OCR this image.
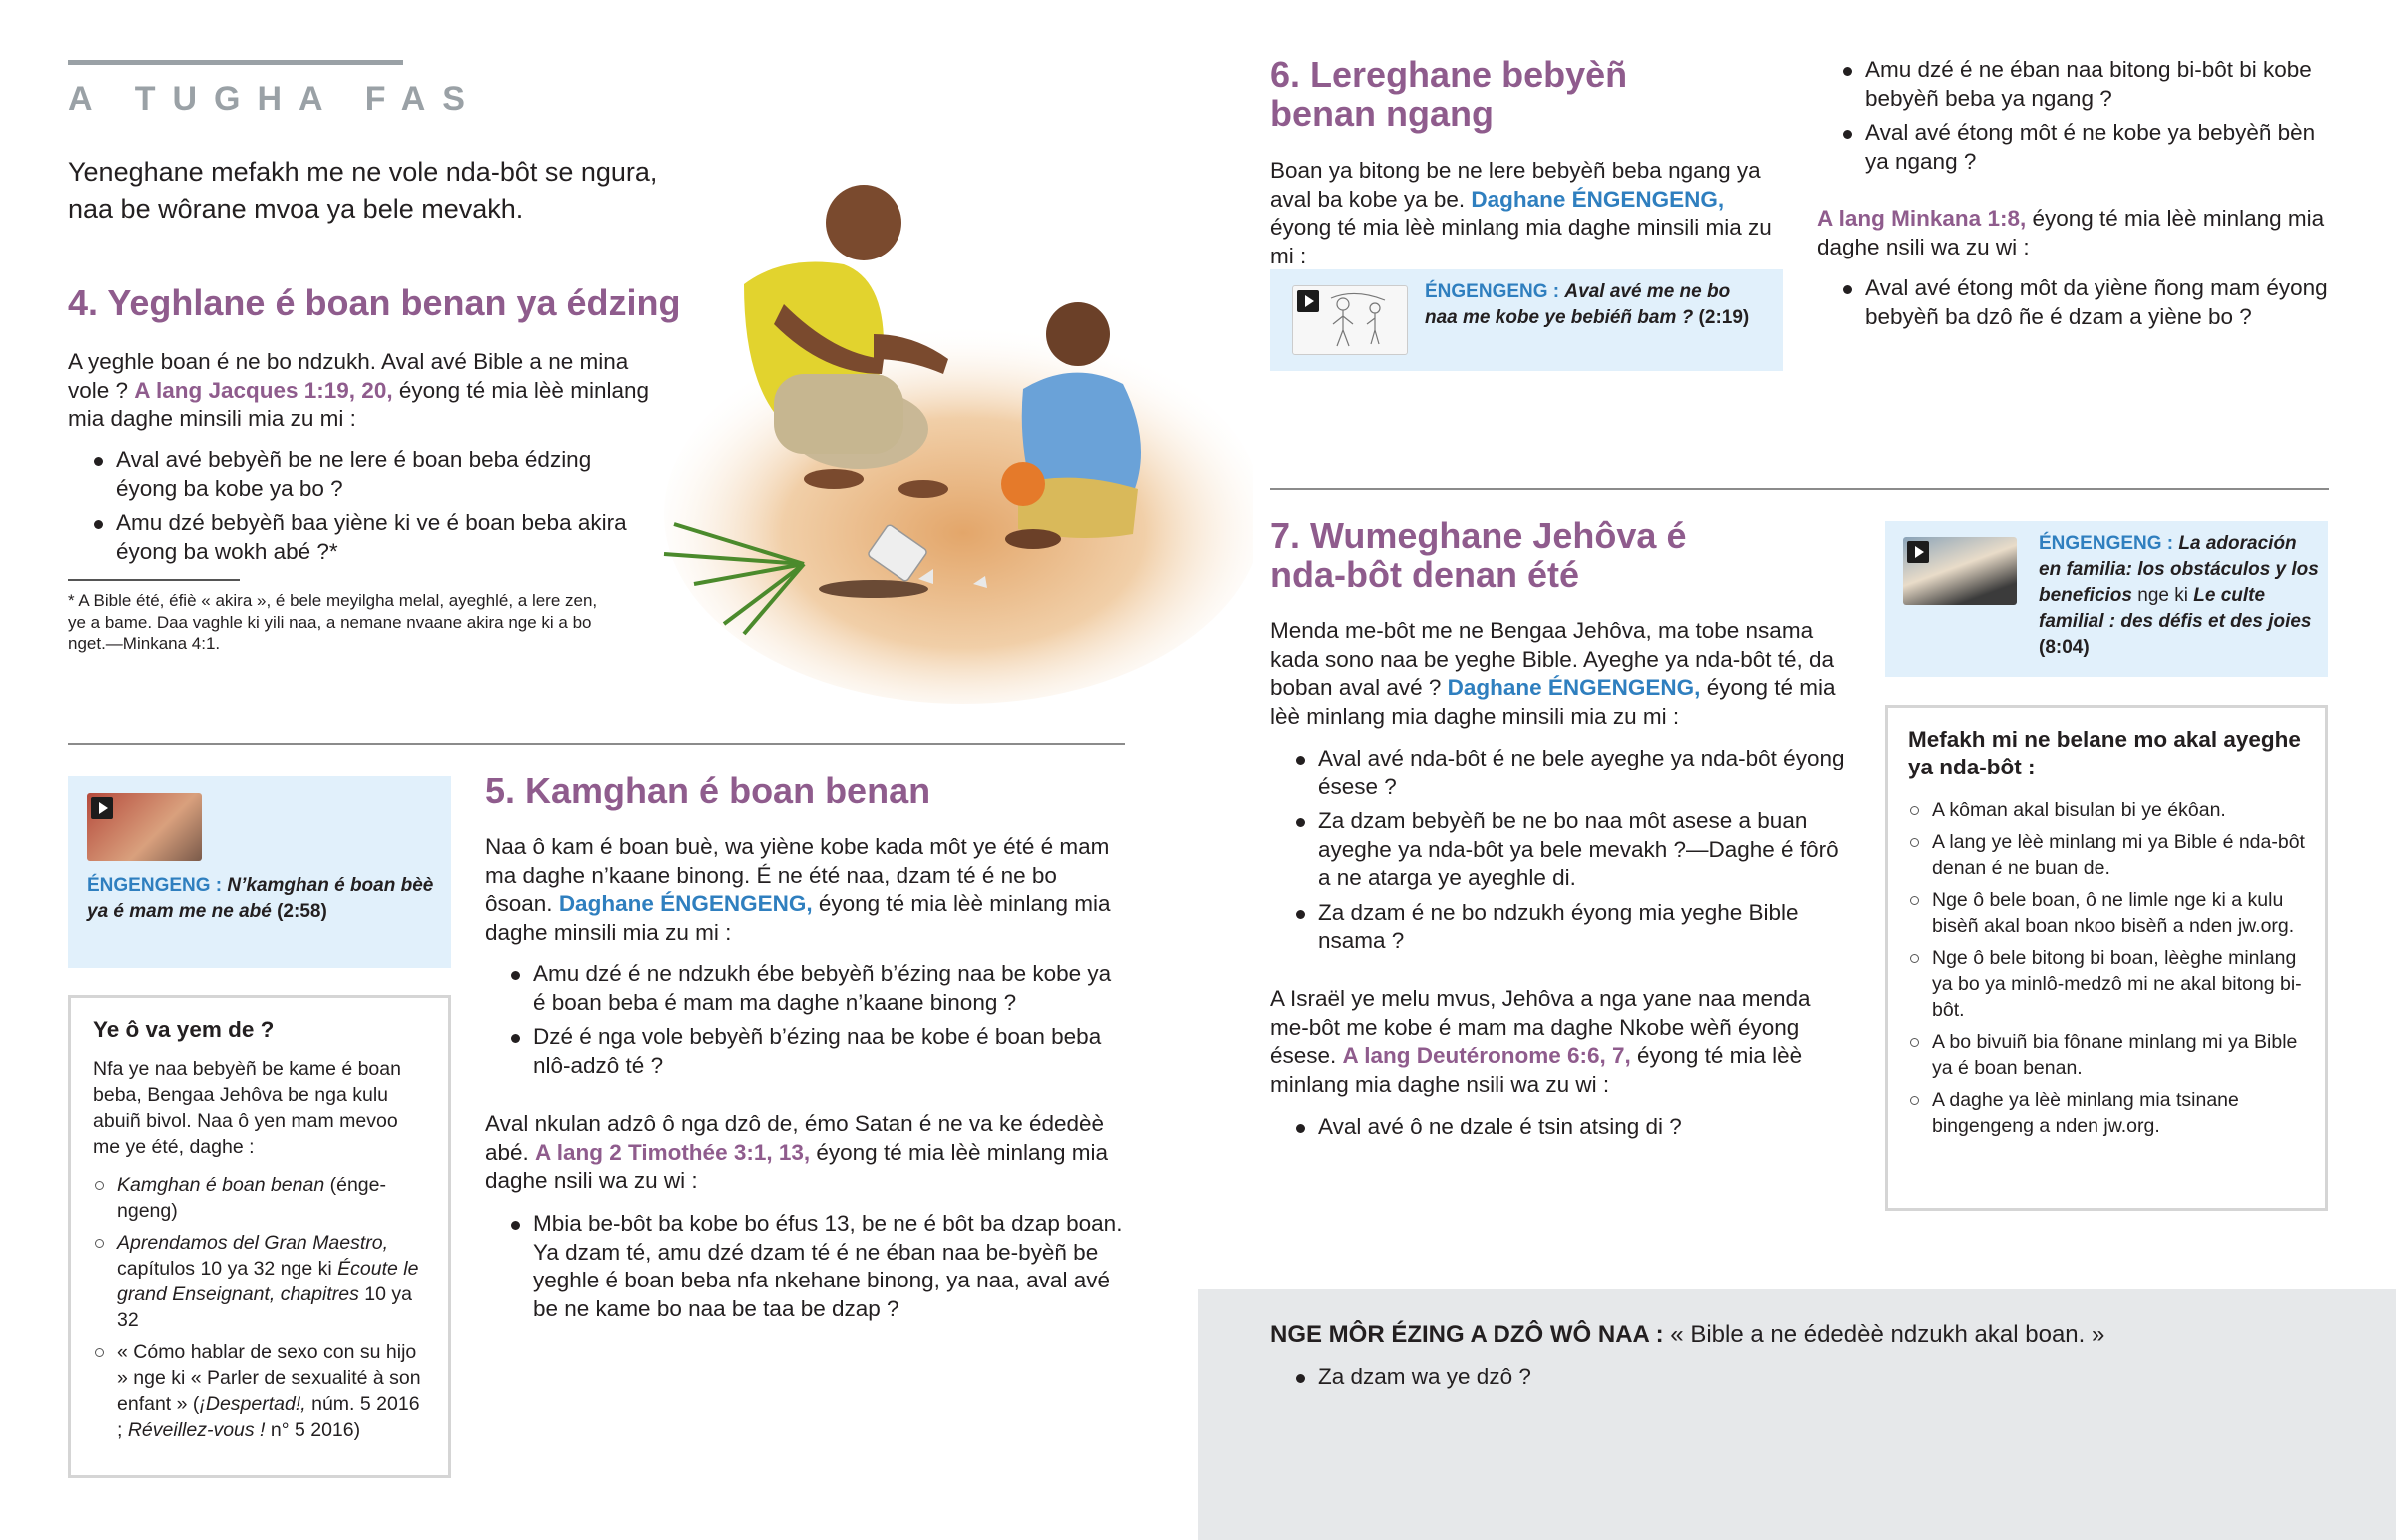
A TUGHA FAS

Yeneghane mefakh me ne vole nda-bôt se ngura, naa be wôrane mvoa ya bele mevakh.

4. Yeghlane é boan benan ya édzing

A yeghle boan é ne bo ndzukh. Aval avé Bible a ne mina vole ? A lang Jacques 1:19, 20, éyong té mia lèè minlang mia daghe minsili mia zu mi :

Aval avé bebyèñ be ne lere é boan beba édzing éyong ba kobe ya bo ?
Amu dzé bebyèñ baa yiène ki ve é boan beba akira éyong ba wokh abé ?*

* A Bible été, éfiè « akira », é bele meyilgha melal, ayeghlé, a lere zen, ye a bame. Daa vaghle ki yili naa, a nemane nvaane akira nge ki a bo nget.—Minkana 4:1.

ÉNGENGENG : N’kamghan é boan bèè ya é mam me ne abé (2:58)
Ye ô va yem de ?

Nfa ye naa bebyèñ be kame é boan beba, Bengaa Jehôva be nga kulu abuiñ bivol. Naa ô yen mam mevoo me ye été, daghe :

Kamghan é boan benan (énge-ngeng)
Aprendamos del Gran Maestro, capítulos 10 ya 32 nge ki Écoute le grand Enseignant, chapitres 10 ya 32
« Cómo hablar de sexo con su hijo » nge ki « Parler de sexualité à son enfant » (¡Despertad!, núm. 5 2016 ; Réveillez-vous ! n° 5 2016)
5. Kamghan é boan benan

Naa ô kam é boan buè, wa yiène kobe kada môt ye été é mam ma daghe n’kaane binong. É ne été naa, dzam té é ne bo ôsoan. Daghane ÉNGENGENG, éyong té mia lèè minlang mia daghe minsili mia zu mi :

Amu dzé é ne ndzukh ébe bebyèñ b’ézing naa be kobe ya é boan beba é mam ma daghe n’kaane binong ?
Dzé é nga vole bebyèñ b’ézing naa be kobe é boan beba nlô-adzô té ?

Aval nkulan adzô ô nga dzô de, émo Satan é ne va ke édedèè abé. A lang 2 Timothée 3:1, 13, éyong té mia lèè minlang mia daghe nsili wa zu wi :

Mbia be-bôt ba kobe bo éfus 13, be ne é bôt ba dzap boan. Ya dzam té, amu dzé dzam té é ne éban naa be-byèñ be yeghle é boan beba nfa nkehane binong, ya naa, aval avé be ne kame bo naa be taa be dzap ?
6. Lereghane bebyèñ benan ngang

Boan ya bitong be ne lere bebyèñ beba ngang ya aval ba kobe ya be. Daghane ÉNGENGENG, éyong té mia lèè minlang mia daghe minsili mia zu mi :

ÉNGENGENG : Aval avé me ne bo naa me kobe ye bebiéñ bam ? (2:19)
Amu dzé é ne éban naa bitong bi-bôt bi kobe bebyèñ beba ya ngang ?
Aval avé étong môt é ne kobe ya bebyèñ bèn ya ngang ?

A lang Minkana 1:8, éyong té mia lèè minlang mia daghe nsili wa zu wi :

Aval avé étong môt da yiène ñong mam éyong bebyèñ ba dzô ñe é dzam a yiène bo ?
7. Wumeghane Jehôva é nda-bôt denan été

Menda me-bôt me ne Bengaa Jehôva, ma tobe nsama kada sono naa be yeghe Bible. Ayeghe ya nda-bôt té, da boban aval avé ? Daghane ÉNGENGENG, éyong té mia lèè minlang mia daghe minsili mia zu mi :

Aval avé nda-bôt é ne bele ayeghe ya nda-bôt éyong ésese ?
Za dzam bebyèñ be ne bo naa môt asese a buan ayeghe ya nda-bôt ya bele mevakh ?—Daghe é fôrô a ne atarga ye ayeghle di.
Za dzam é ne bo ndzukh éyong mia yeghe Bible nsama ?

A Israël ye melu mvus, Jehôva a nga yane naa menda me-bôt me kobe é mam ma daghe Nkobe wèñ éyong ésese. A lang Deutéronome 6:6, 7, éyong té mia lèè minlang mia daghe nsili wa zu wi :

Aval avé ô ne dzale é tsin atsing di ?
ÉNGENGENG : La adoración en familia: los obstáculos y los beneficios nge ki Le culte familial : des défis et des joies (8:04)
Mefakh mi ne belane mo akal ayeghe ya nda-bôt :
A kôman akal bisulan bi ye ékôan.
A lang ye lèè minlang mi ya Bible é nda-bôt denan é ne buan de.
Nge ô bele boan, ô ne limle nge ki a kulu bisèñ akal boan nkoo bisèñ a nden jw.org.
Nge ô bele bitong bi boan, lèèghe minlang ya bo ya minlô-medzô mi ne akal bitong bi-bôt.
A bo bivuiñ bia fônane minlang mi ya Bible ya é boan benan.
A daghe ya lèè minlang mia tsinane bingengeng a nden jw.org.
NGE MÔR ÉZING A DZÔ WÔ NAA : « Bible a ne édedèè ndzukh akal boan. »
Za dzam wa ye dzô ?
